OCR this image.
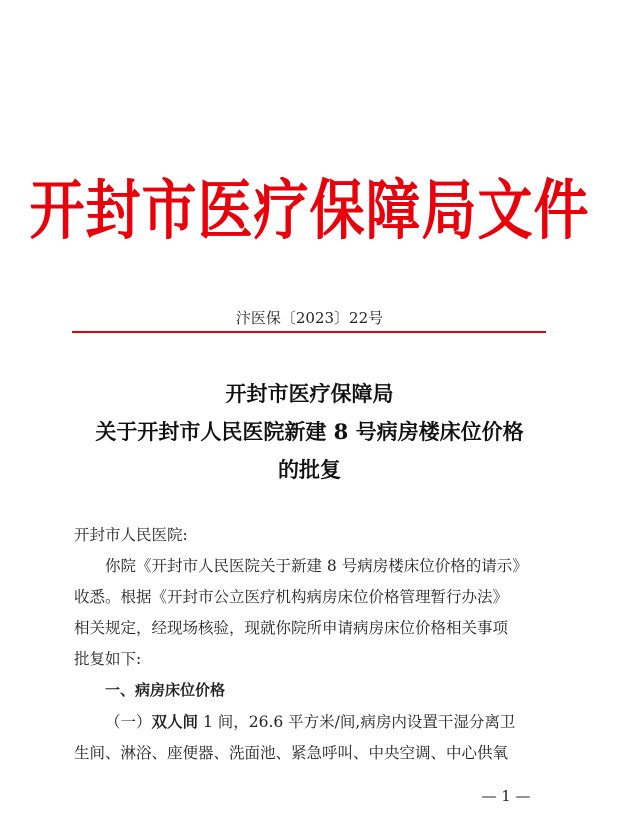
开封市医疗保障局文件
汴医保〔2023〕22号
开封市医疗保障局
关于开封市人民医院新建 8 号病房楼床位价格
的批复
开封市人民医院:
你院《开封市人民医院关于新建 8 号病房楼床位价格的请示》
收悉。根据《开封市公立医疗机构病房床位价格管理暂行办法》
相关规定，经现场核验，现就你院所申请病房床位价格相关事项
批复如下:
一、病房床位价格
（一）双人间 1 间，26.6 平方米/间,病房内设置干湿分离卫
生间、淋浴、座便器、洗面池、紧急呼叫、中央空调、中心供氧
— 1 —
